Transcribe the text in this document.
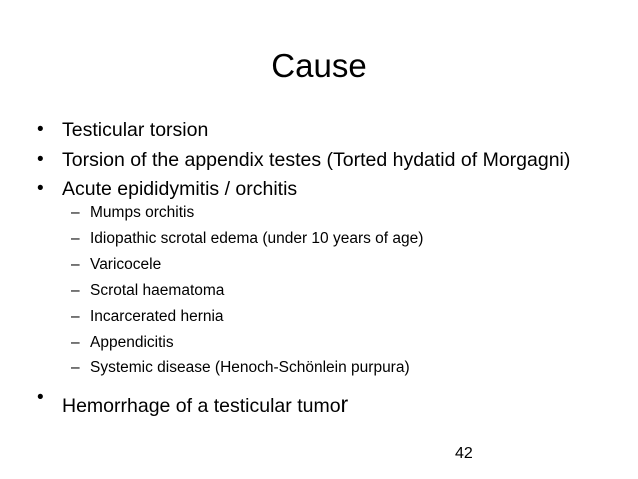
Cause
• Testicular torsion
• Torsion of the appendix testes (Torted hydatid of Morgagni)
• Acute epididymitis / orchitis
– Mumps orchitis
– Idiopathic scrotal edema (under 10 years of age)
– Varicocele
– Scrotal haematoma
– Incarcerated hernia
– Appendicitis
– Systemic disease (Henoch-Schönlein purpura)
• Hemorrhage of a testicular tumor
42
